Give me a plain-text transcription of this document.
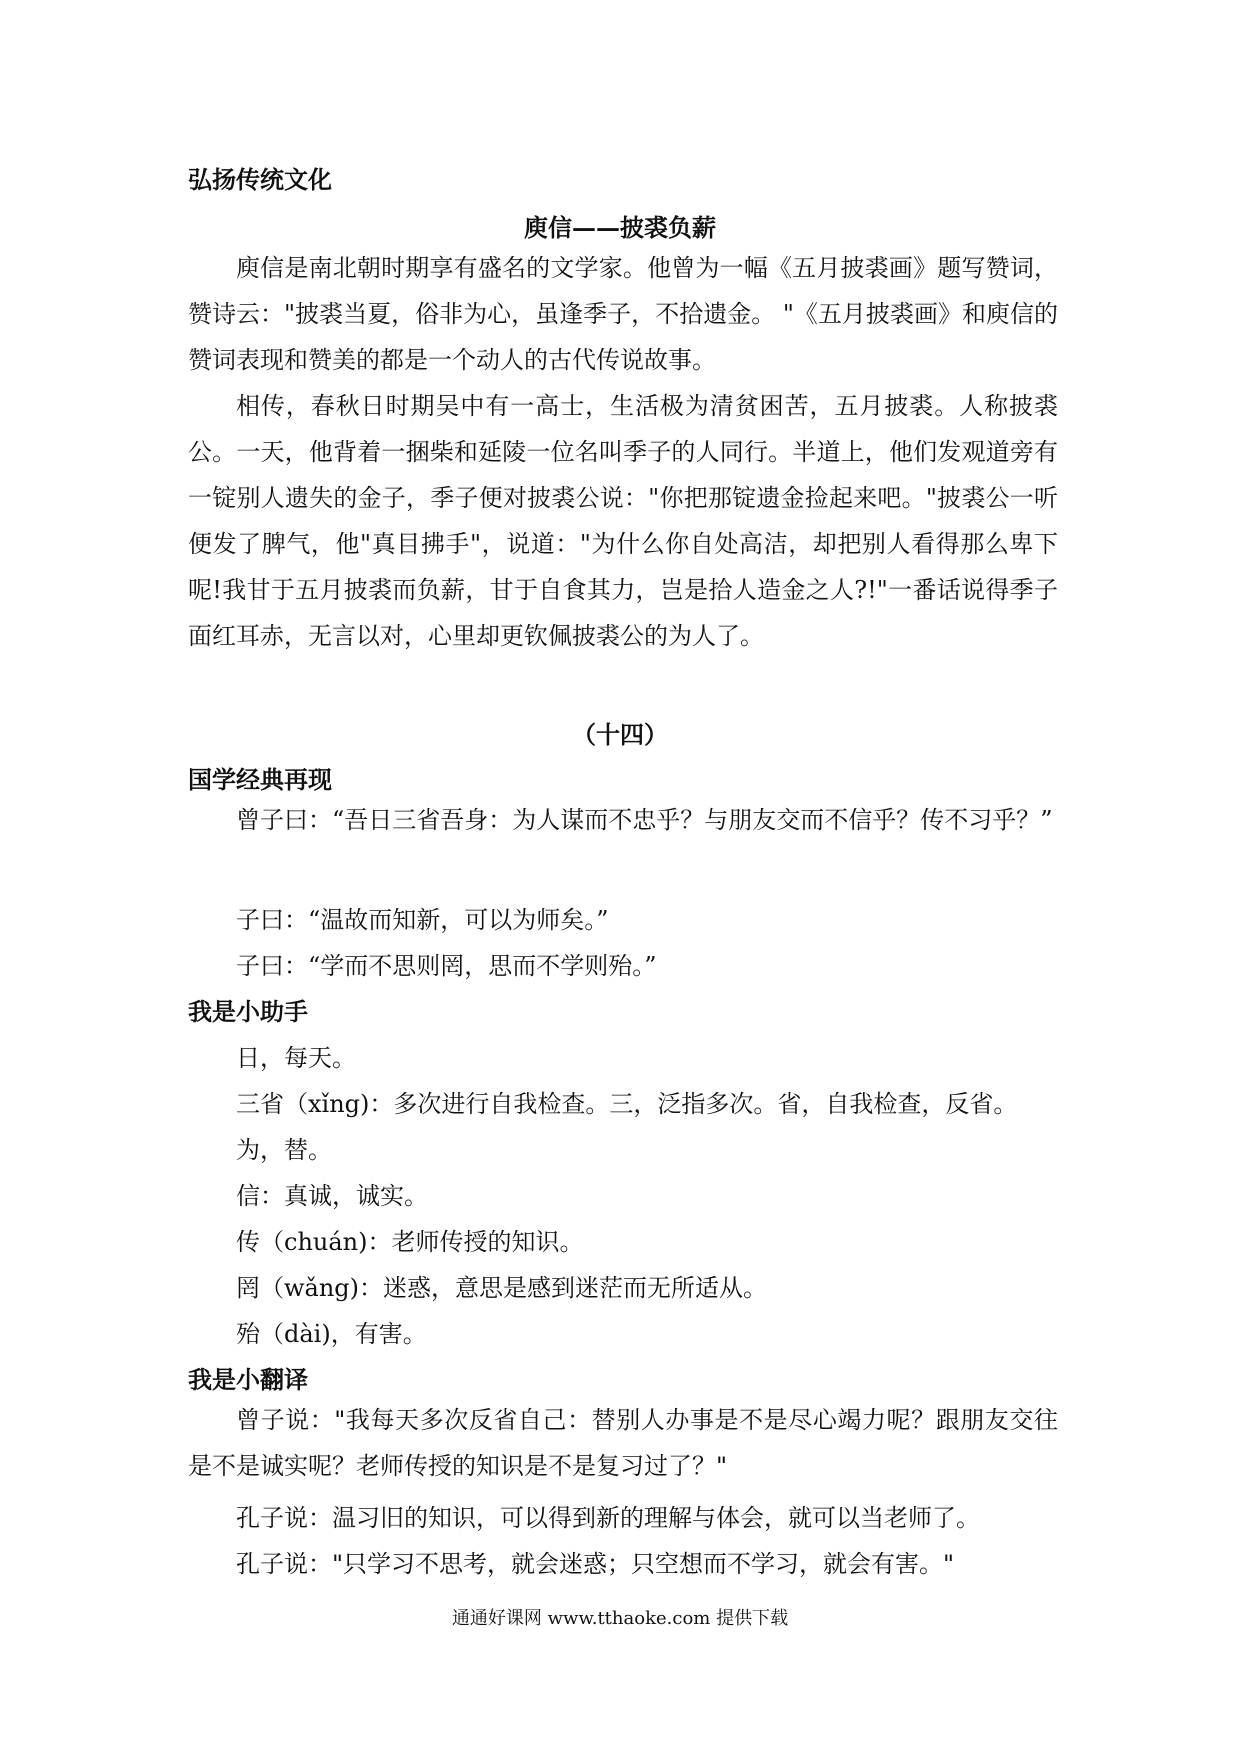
弘扬传统文化
庾信——披裘负薪

庾信是南北朝时期享有盛名的文学家。他曾为一幅《五月披裘画》题写赞词，赞诗云："披裘当夏，俗非为心，虽逢季子，不拾遗金。 "《五月披裘画》和庾信的赞词表现和赞美的都是一个动人的古代传说故事。

相传，春秋日时期吴中有一高士，生活极为清贫困苦，五月披裘。人称披裘公。一天，他背着一捆柴和延陵一位名叫季子的人同行。半道上，他们发观道旁有一锭别人遗失的金子，季子便对披裘公说："你把那锭遗金捡起来吧。"披裘公一听便发了脾气，他"真目拂手"，说道："为什么你自处高洁，却把别人看得那么卑下呢!我甘于五月披裘而负薪，甘于自食其力，岂是拾人造金之人?!"一番话说得季子面红耳赤，无言以对，心里却更钦佩披裘公的为人了。

（十四）
国学经典再现

曾子曰：“吾日三省吾身：为人谋而不忠乎？与朋友交而不信乎？传不习乎？”

子曰：“温故而知新，可以为师矣。”
子曰：“学而不思则罔，思而不学则殆。”
我是小助手
日，每天。
三省（xǐng)：多次进行自我检查。三，泛指多次。省，自我检查，反省。
为，替。
信：真诚，诚实。
传（chuán)：老师传授的知识。
罔（wǎng)：迷惑，意思是感到迷茫而无所适从。
殆（dài)，有害。
我是小翻译

曾子说："我每天多次反省自己：替别人办事是不是尽心竭力呢？跟朋友交往是不是诚实呢？老师传授的知识是不是复习过了？"

孔子说：温习旧的知识，可以得到新的理解与体会，就可以当老师了。
孔子说："只学习不思考，就会迷惑；只空想而不学习，就会有害。"
通通好课网 www.tthaoke.com 提供下载
